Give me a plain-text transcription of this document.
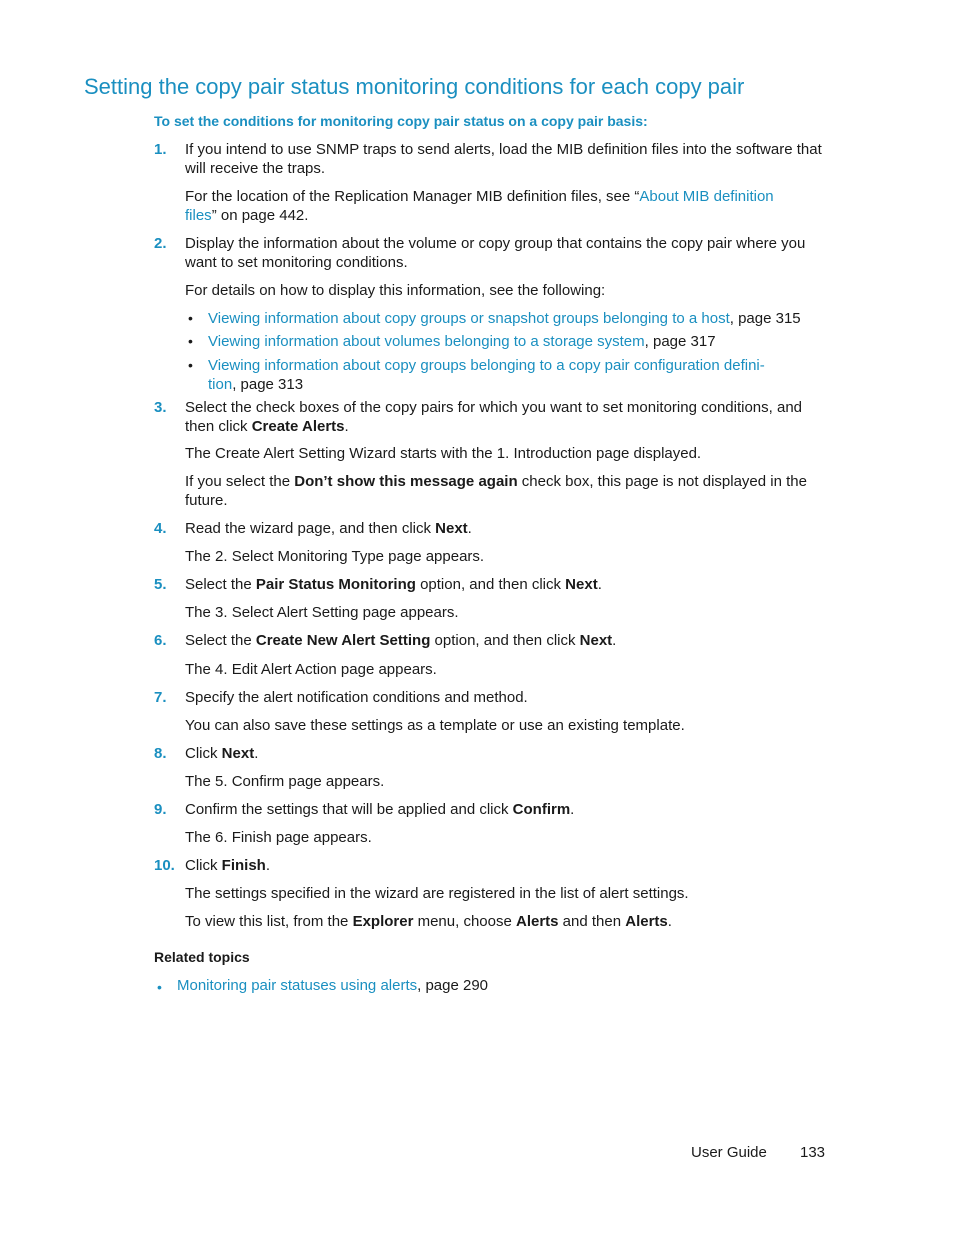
Setting the copy pair status monitoring conditions for each copy pair
To set the conditions for monitoring copy pair status on a copy pair basis:
1. If you intend to use SNMP traps to send alerts, load the MIB definition files into the software that will receive the traps.
For the location of the Replication Manager MIB definition files, see “About MIB definition files” on page 442.
2. Display the information about the volume or copy group that contains the copy pair where you want to set monitoring conditions.
For details on how to display this information, see the following:
• Viewing information about copy groups or snapshot groups belonging to a host, page 315
• Viewing information about volumes belonging to a storage system, page 317
• Viewing information about copy groups belonging to a copy pair configuration defini-tion, page 313
3. Select the check boxes of the copy pairs for which you want to set monitoring conditions, and then click Create Alerts.
The Create Alert Setting Wizard starts with the 1. Introduction page displayed.
If you select the Don’t show this message again check box, this page is not displayed in the future.
4. Read the wizard page, and then click Next.
The 2. Select Monitoring Type page appears.
5. Select the Pair Status Monitoring option, and then click Next.
The 3. Select Alert Setting page appears.
6. Select the Create New Alert Setting option, and then click Next.
The 4. Edit Alert Action page appears.
7. Specify the alert notification conditions and method.
You can also save these settings as a template or use an existing template.
8. Click Next.
The 5. Confirm page appears.
9. Confirm the settings that will be applied and click Confirm.
The 6. Finish page appears.
10. Click Finish.
The settings specified in the wizard are registered in the list of alert settings.
To view this list, from the Explorer menu, choose Alerts and then Alerts.
Related topics
• Monitoring pair statuses using alerts, page 290
User Guide 133
